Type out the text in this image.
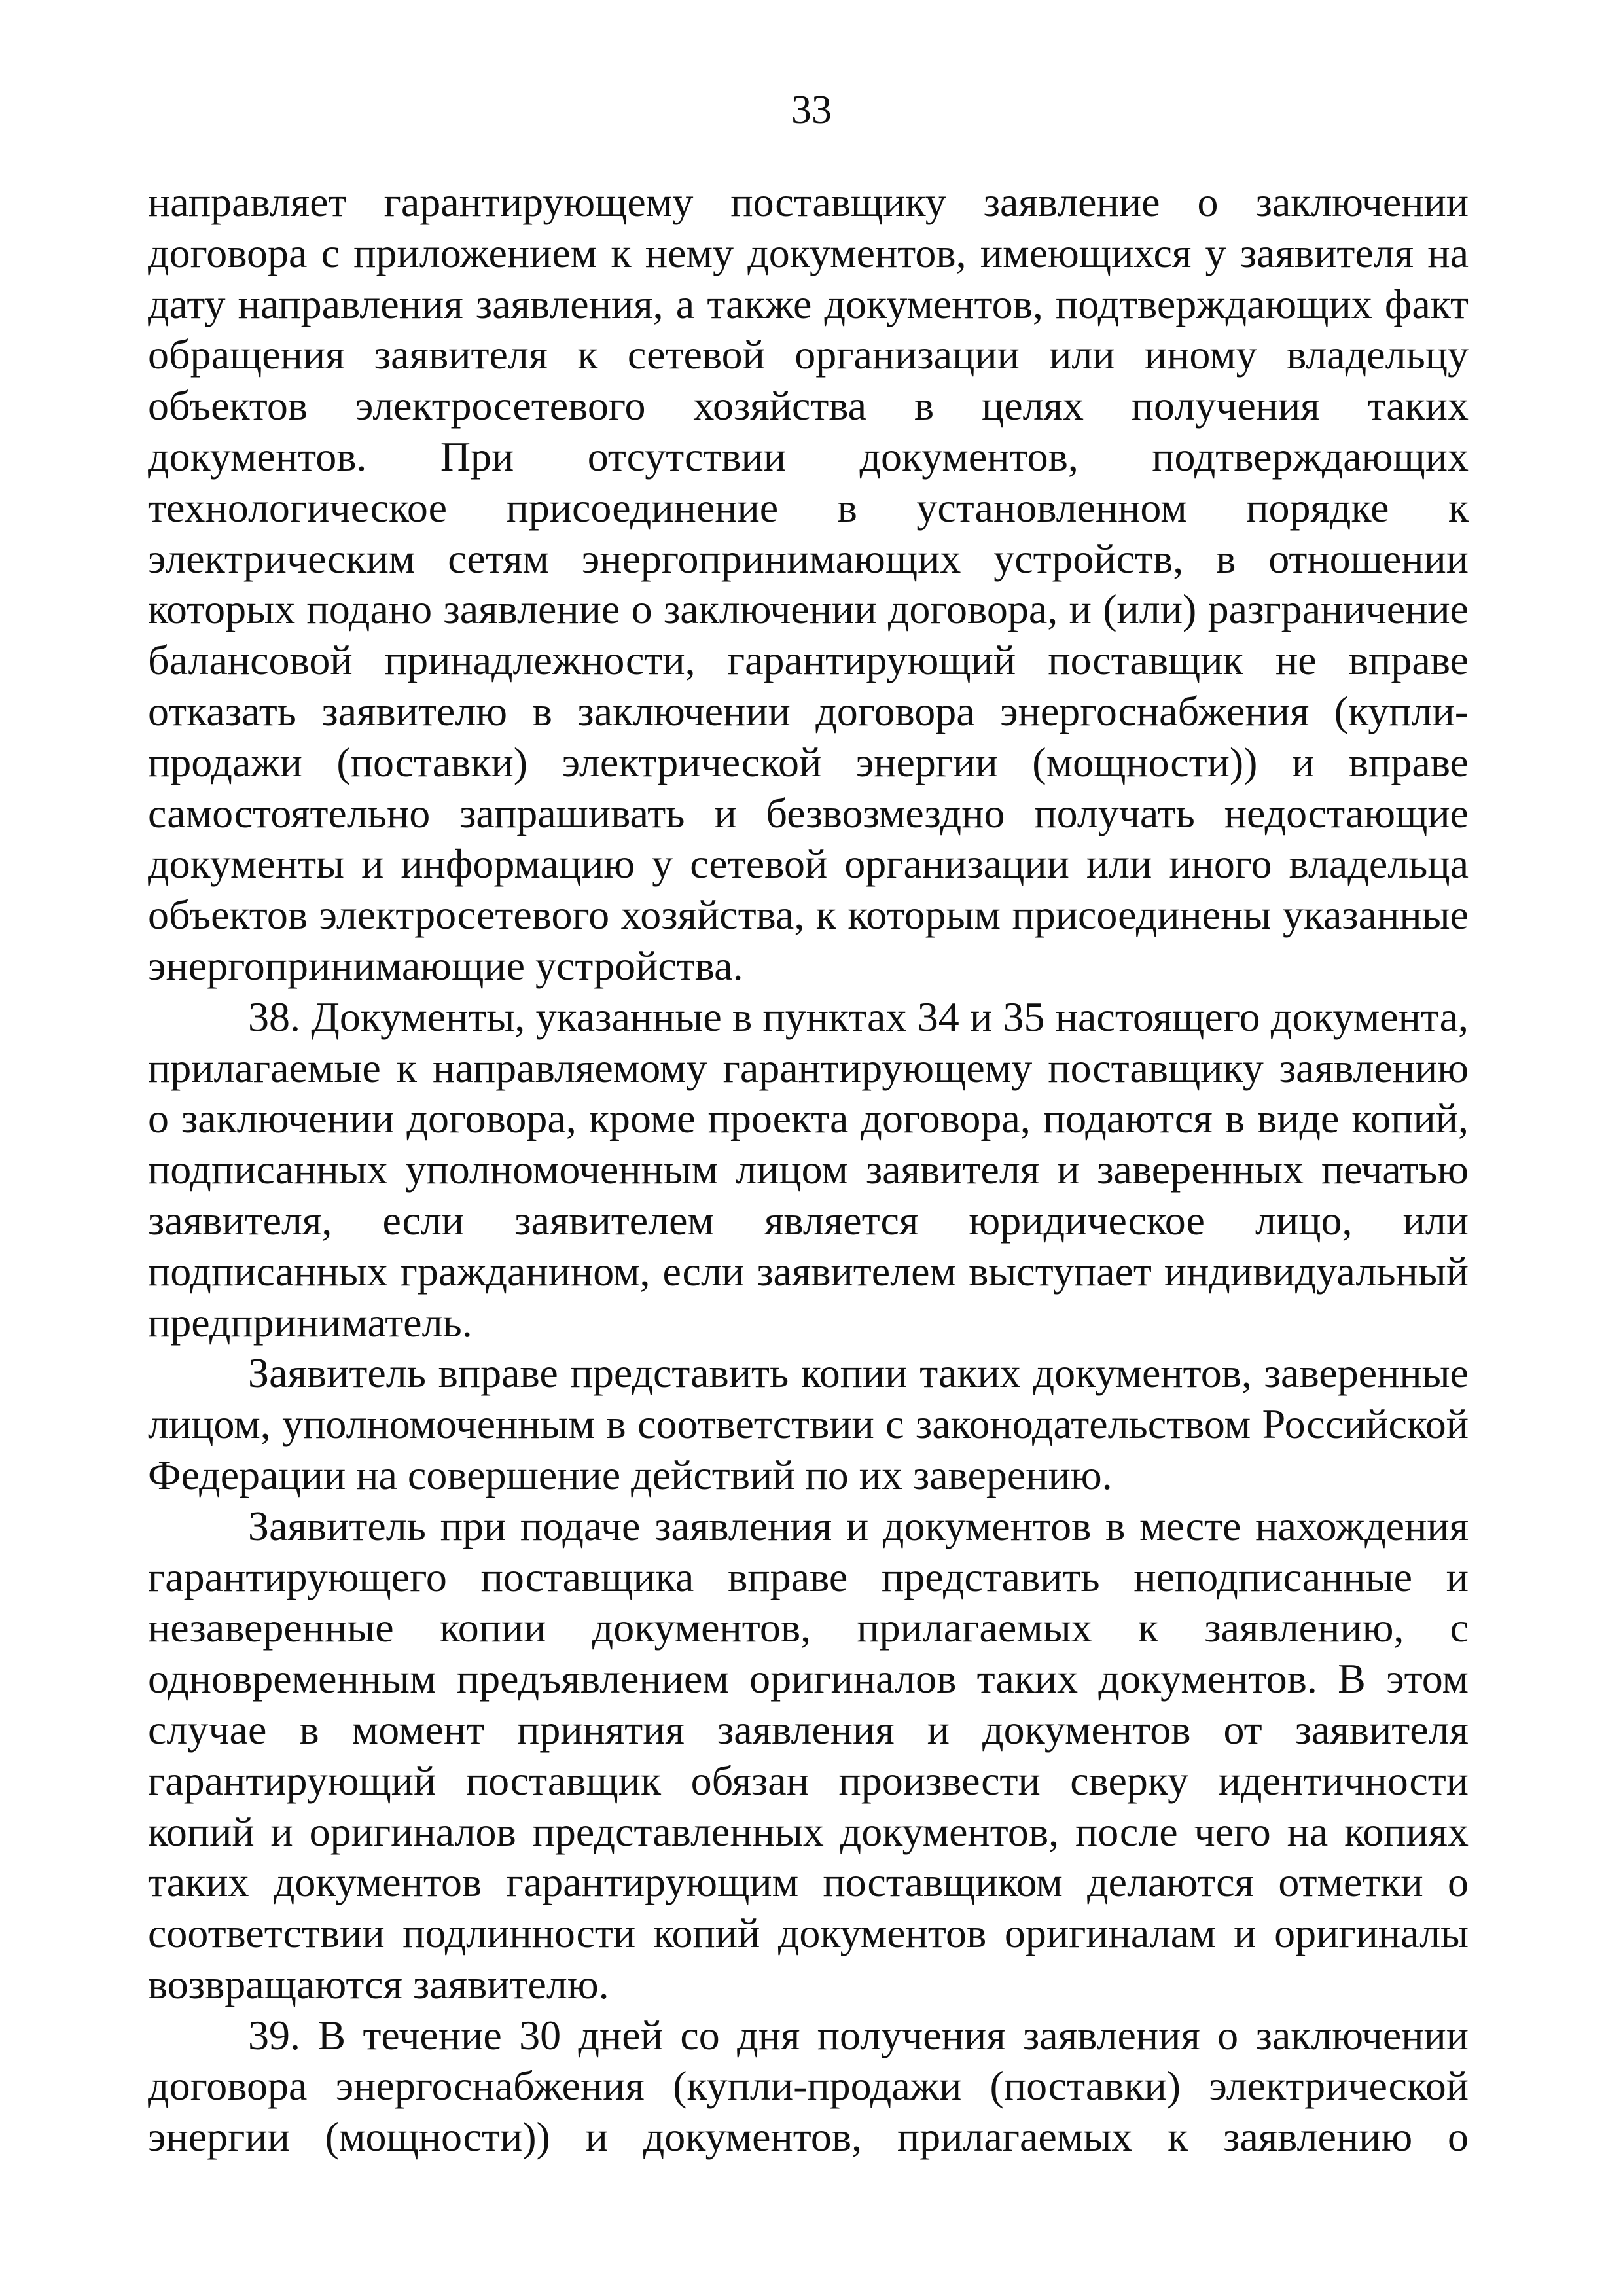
33

направляет гарантирующему поставщику заявление о заключении договора с приложением к нему документов, имеющихся у заявителя на дату направления заявления, а также документов, подтверждающих факт обращения заявителя к сетевой организации или иному владельцу объектов электросетевого хозяйства в целях получения таких документов. При отсутствии документов, подтверждающих технологическое присоединение в установленном порядке к электрическим сетям энергопринимающих устройств, в отношении которых подано заявление о заключении договора, и (или) разграничение балансовой принадлежности, гарантирующий поставщик не вправе отказать заявителю в заключении договора энергоснабжения (купли-продажи (поставки) электрической энергии (мощности)) и вправе самостоятельно запрашивать и безвозмездно получать недостающие документы и информацию у сетевой организации или иного владельца объектов электросетевого хозяйства, к которым присоединены указанные энергопринимающие устройства.

38. Документы, указанные в пунктах 34 и 35 настоящего документа, прилагаемые к направляемому гарантирующему поставщику заявлению о заключении договора, кроме проекта договора, подаются в виде копий, подписанных уполномоченным лицом заявителя и заверенных печатью заявителя, если заявителем является юридическое лицо, или подписанных гражданином, если заявителем выступает индивидуальный предприниматель.

Заявитель вправе представить копии таких документов, заверенные лицом, уполномоченным в соответствии с законодательством Российской Федерации на совершение действий по их заверению.

Заявитель при подаче заявления и документов в месте нахождения гарантирующего поставщика вправе представить неподписанные и незаверенные копии документов, прилагаемых к заявлению, с одновременным предъявлением оригиналов таких документов. В этом случае в момент принятия заявления и документов от заявителя гарантирующий поставщик обязан произвести сверку идентичности копий и оригиналов представленных документов, после чего на копиях таких документов гарантирующим поставщиком делаются отметки о соответствии подлинности копий документов оригиналам и оригиналы возвращаются заявителю.

39. В течение 30 дней со дня получения заявления о заключении договора энергоснабжения (купли-продажи (поставки) электрической энергии (мощности)) и документов, прилагаемых к заявлению о
